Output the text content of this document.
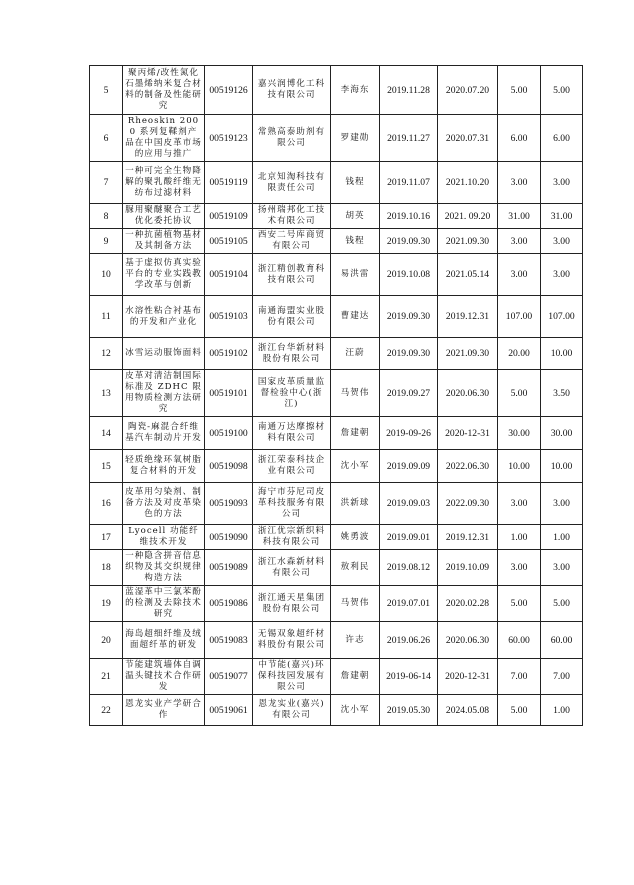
5	聚丙烯/改性氮化石墨烯纳米复合材料的制备及性能研究	00519126	嘉兴润博化工科技有限公司	李海东	2019.11.28	2020.07.20	5.00	5.00
6	Rheoskin 2000 系列复鞣剂产品在中国皮革市场的应用与推广	00519123	常熟高泰助剂有限公司	罗建勋	2019.11.27	2020.07.31	6.00	6.00
7	一种可完全生物降解的聚乳酸纤维无纺布过滤材料	00519119	北京知淘科技有限责任公司	钱程	2019.11.07	2021.10.20	3.00	3.00
8	脲用聚醚聚合工艺优化委托协议	00519109	扬州瑞邦化工技术有限公司	胡英	2019.10.16	2021. 09.20	31.00	31.00
9	一种抗菌植物基材及其制备方法	00519105	西安二号库商贸有限公司	钱程	2019.09.30	2021.09.30	3.00	3.00
10	基于虚拟仿真实验平台的专业实践教学改革与创新	00519104	浙江精创教育科技有限公司	易洪雷	2019.10.08	2021.05.14	3.00	3.00
11	水溶性粘合衬基布的开发和产业化	00519103	南通海盟实业股份有限公司	曹建达	2019.09.30	2019.12.31	107.00	107.00
12	冰雪运动服饰面料	00519102	浙江台华新材料股份有限公司	汪蔚	2019.09.30	2021.09.30	20.00	10.00
13	皮革对清洁制国际标准及 ZDHC 限用物质检测方法研究	00519101	国家皮革质量监督检验中心(浙江)	马贺伟	2019.09.27	2020.06.30	5.00	3.50
14	陶瓷-麻混合纤维基汽车制动片开发	00519100	南通万达摩擦材料有限公司	詹建朝	2019-09-26	2020-12-31	30.00	30.00
15	轻质绝缘环氧树脂复合材料的开发	00519098	浙江荣泰科技企业有限公司	沈小军	2019.09.09	2022.06.30	10.00	10.00
16	皮革用匀染剂、制备方法及对皮革染色的方法	00519093	海宁市芬尼司皮革科技服务有限公司	洪新球	2019.09.03	2022.09.30	3.00	3.00
17	Lyocell 功能纤维技术开发	00519090	浙江优宗新织料科技有限公司	姚勇波	2019.09.01	2019.12.31	1.00	1.00
18	一种隐含拼音信息织物及其交织规律构造方法	00519089	浙江水森新材料有限公司	敖利民	2019.08.12	2019.10.09	3.00	3.00
19	蓝湿革中三氯苯酚的检测及去除技术研究	00519086	浙江通天星集团股份有限公司	马贺伟	2019.07.01	2020.02.28	5.00	5.00
20	海岛超细纤维及绒面超纤革的研发	00519083	无锡双象超纤材料股份有限公司	许志	2019.06.26	2020.06.30	60.00	60.00
21	节能建筑墙体自调温头键技术合作研发	00519077	中节能(嘉兴)环保科技园发展有限公司	詹建朝	2019-06-14	2020-12-31	7.00	7.00
22	恩龙实业产学研合作	00519061	恩龙实业(嘉兴)有限公司	沈小军	2019.05.30	2024.05.08	5.00	1.00
